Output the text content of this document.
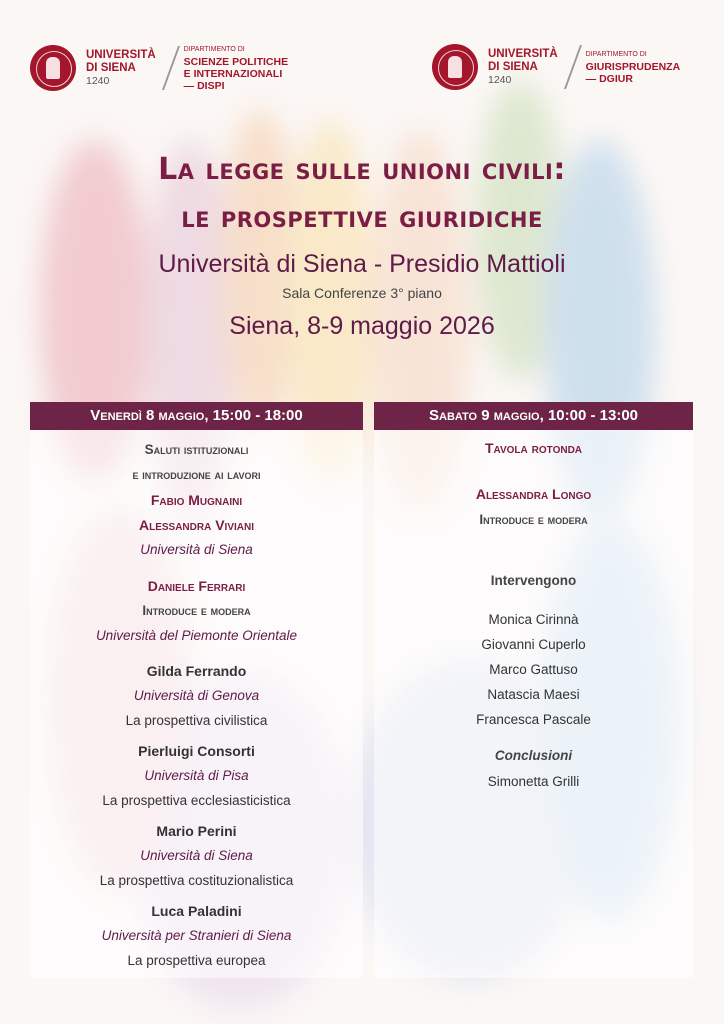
UNIVERSITÀ
DI SIENA
1240
DIPARTIMENTO DI
SCIENZE POLITICHE
E INTERNAZIONALI
— DISPI
UNIVERSITÀ
DI SIENA
1240
DIPARTIMENTO DI
GIURISPRUDENZA
— DGIUR
La legge sulle unioni civili:
le prospettive giuridiche
Università di Siena - Presidio Mattioli
Sala Conferenze 3° piano
Siena, 8-9 maggio 2026
Venerdì 8 maggio, 15:00 - 18:00
Saluti istituzionali
e introduzione ai lavori
Fabio Mugnaini
Alessandra Viviani
Università di Siena
Daniele Ferrari
Introduce e modera
Università del Piemonte Orientale
Gilda Ferrando
Università di Genova
La prospettiva civilistica
Pierluigi Consorti
Università di Pisa
La prospettiva ecclesiasticistica
Mario Perini
Università di Siena
La prospettiva costituzionalistica
Luca Paladini
Università per Stranieri di Siena
La prospettiva europea
Sabato 9 maggio, 10:00 - 13:00
Tavola rotonda
Alessandra Longo
Introduce e modera
Intervengono
Monica Cirinnà
Giovanni Cuperlo
Marco Gattuso
Natascia Maesi
Francesca Pascale
Conclusioni
Simonetta Grilli
